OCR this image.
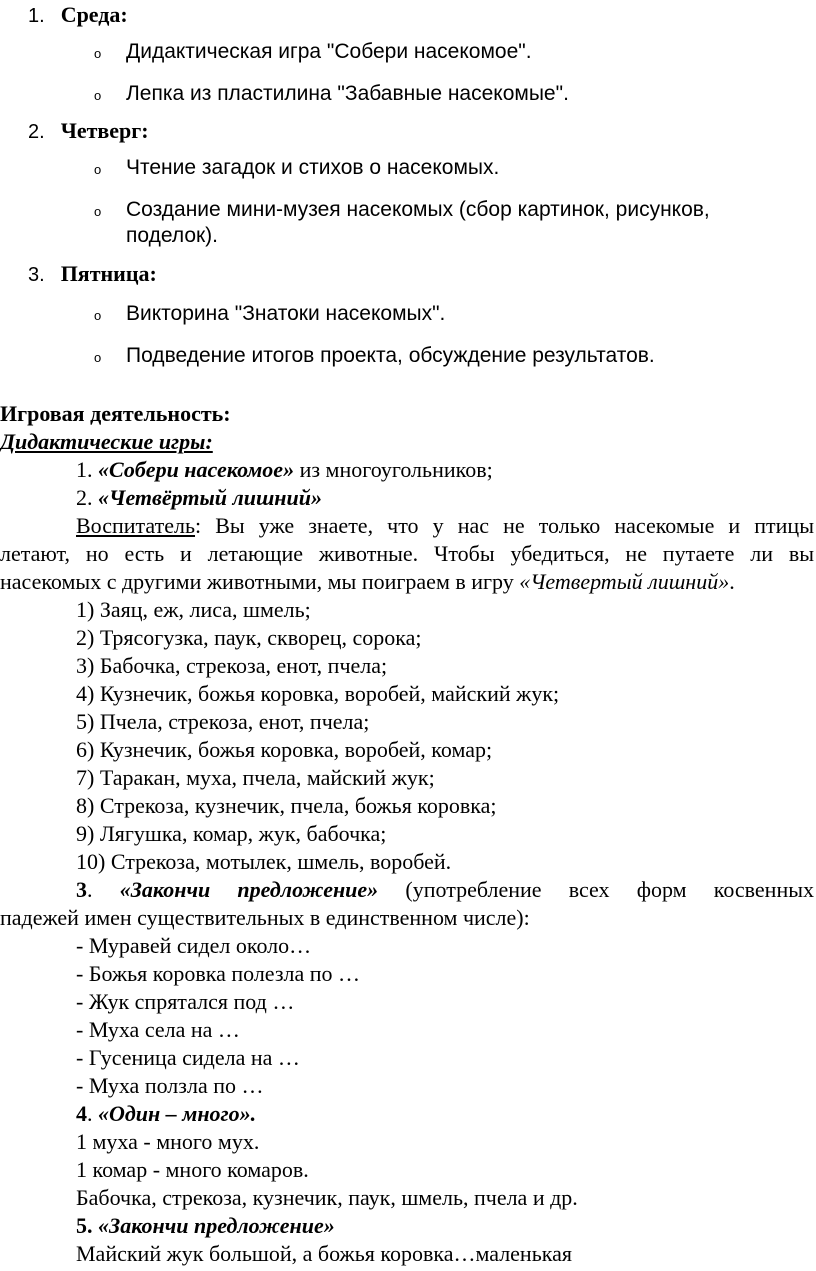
1. Среда:
o Дидактическая игра "Собери насекомое".
o Лепка из пластилина "Забавные насекомые".
2. Четверг:
o Чтение загадок и стихов о насекомых.
o Создание мини-музея насекомых (сбор картинок, рисунков,
поделок).
3. Пятница:
o Викторина "Знатоки насекомых".
o Подведение итогов проекта, обсуждение результатов.
Игровая деятельность:
Дидактические игры:
1. «Собери насекомое» из многоугольников;
2. «Четвёртый лишний»
Воспитатель: Вы уже знаете, что у нас не только насекомые и птицы
летают, но есть и летающие животные. Чтобы убедиться, не путаете ли вы
насекомых с другими животными, мы поиграем в игру «Четвертый лишний».
1) Заяц, еж, лиса, шмель;
2) Трясогузка, паук, скворец, сорока;
3) Бабочка, стрекоза, енот, пчела;
4) Кузнечик, божья коровка, воробей, майский жук;
5) Пчела, стрекоза, енот, пчела;
6) Кузнечик, божья коровка, воробей, комар;
7) Таракан, муха, пчела, майский жук;
8) Стрекоза, кузнечик, пчела, божья коровка;
9) Лягушка, комар, жук, бабочка;
10) Стрекоза, мотылек, шмель, воробей.
3. «Закончи предложение» (употребление всех форм косвенных
падежей имен существительных в единственном числе):
- Муравей сидел около…
- Божья коровка полезла по …
- Жук спрятался под …
- Муха села на …
- Гусеница сидела на …
- Муха ползла по …
4. «Один – много».
1 муха - много мух.
1 комар - много комаров.
Бабочка, стрекоза, кузнечик, паук, шмель, пчела и др.
5. «Закончи предложение»
Майский жук большой, а божья коровка…маленькая
